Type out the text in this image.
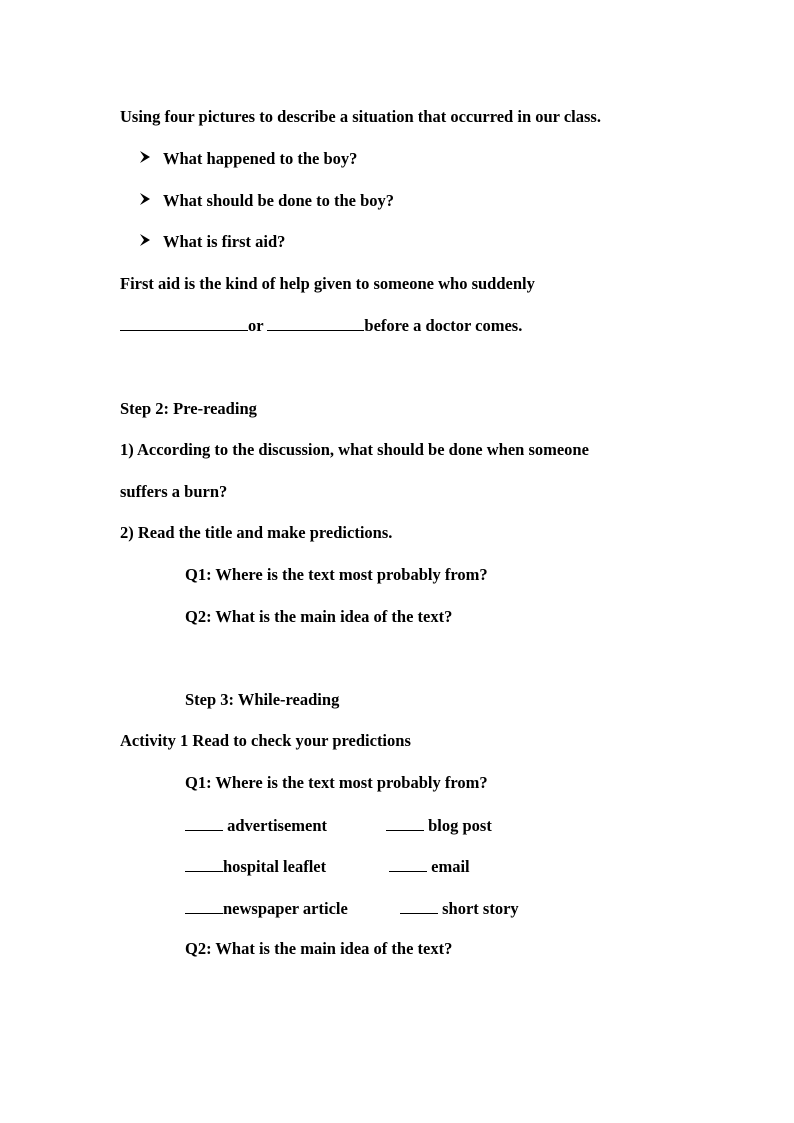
Using four pictures to describe a situation that occurred in our class.
What happened to the boy?
What should be done to the boy?
What is first aid?
First aid is the kind of help given to someone who suddenly
or	before a doctor comes.
Step 2: Pre-reading
1) According to the discussion, what should be done when someone
suffers a burn?
2) Read the title and make predictions.
Q1: Where is the text most probably from?
Q2: What is the main idea of the text?
Step 3: While-reading
Activity 1 Read to check your predictions
Q1: Where is the text most probably from?
advertisement	blog post
hospital leaflet	email
newspaper article	short story
Q2: What is the main idea of the text?
